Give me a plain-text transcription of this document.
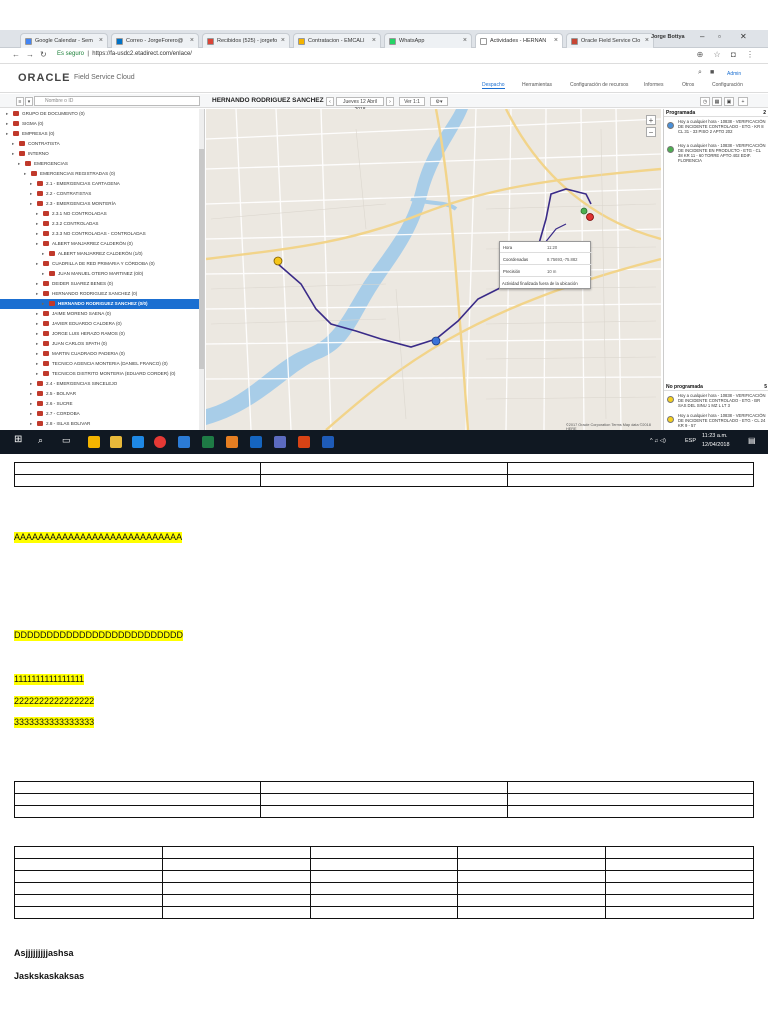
Google Calendar - Sem ×	Correo - JorgeForero@ ×	Recibidos (525) - jorgefo ×	Contratacion - EMCALI ×	WhatsApp	×	Actividades - HERNAN ×	Oracle Field Service Clo × Jorge Bottya – ▫ ✕
← → ↻ Es seguro  |  https://fa-usdc2.etadirect.com/enlace/	⊕ ☆ ◘ ⋮
ORACLE Field Service Cloud
⌕ ■	Admin
Despacho	Herramientas	Configuración de recursos	Informes	Otros	Configuración
≡	▾	Nombre o ID	HERNANDO RODRIGUEZ SANCHEZ	‹	Jueves 12 Abril	›	Ver 1:1	⚙▾	◷	▦	▣	+
▸	GRUPO DE DOCUMENTO (0)
▸	SIGMA (0)
▸	EMPRESAS (0)
▸	CONTRATISTA
▸	INTERNO
▸	EMERGENCIAS
▸	EMERGENCIAS REGISTRADAS (0)
▸	2.1 - EMERGENCIAS CARTAGENA
▸	2.2 - CONTRATISTAS
▸	2.3 - EMERGENCIAS MONTERÍA
▸	2.3.1 NO CONTROLADAS
▸	2.3.2 CONTROLADAS
▸	2.3.3 NO CONTROLADAS - CONTROLADAS
▸	ALBERT MANJARREZ CALDERÓN (0)
▸	ALBERT MANJARREZ CALDERÓN (1/0)
▸	CUADRILLA DE RED PRIMARIA Y CÓRDOBA (0)
▸	JUAN MANUEL OTERO MARTINEZ (0/0)
▸	DEIDER SUAREZ BENES (0)
▸	HERNANDO RODRIGUEZ SANCHEZ (0)
▸	HERNANDO RODRIGUEZ SANCHEZ (0/0)
▸	JAIME MORENO SAENA (0)
▸	JAVIER EDUARDO CALDERA (0)
▸	JORGE LUIS HERAZO RAMOS (0)
▸	JUAN CARLOS SPATH (0)
▸	MARTIN CUADRADO PADERIA (0)
▸	TECNICO AGENCIA MONTERIA (DANIEL FRANCO) (0)
▸	TECNICOS DISTRITO MONTERIA (EDUARD CORDER) (0)
▸	2.4 - EMERGENCIAS SINCELEJO
▸	2.5 - BOLIVAR
▸	2.6 - SUCRE
▸	2.7 - CORDOBA
▸	2.8 - ISLAS BOLIVAR
Hora	11:20
Coordenadas	8.75693,-75.882
Precisión	10 m
Actividad finalizada fuera de la ubicación
+
−
©2017 Oracle Corporation Terms Map data ©2018 HERE
Programada	2
Hoy a cualquier hora - 10838 - VERIFICACIÓN DE INCIDENTE CONTROLADO - ETG - KR 8 CL 31 - 33 PISO 2 APTO 202
Hoy a cualquier hora - 10838 - VERIFICACIÓN DE INCIDENTE EN PRODUCTO - ETG - CL 38 KR 11 - 60 TORRE APTO 402 EDIF. FLORENCIA
No programada	5
Hoy a cualquier hora - 10838 - VERIFICACIÓN DE INCIDENTE CONTROLADO - ETG - BR SAS DEL SINU 1 MZ L LT 3
Hoy a cualquier hora - 10838 - VERIFICACIÓN DE INCIDENTE CONTROLADO - ETG - CL 24 KR 9 - 57
⊞ ⌕ ▭	^ ♫ ◁)	ESP
11:23 a.m.
12/04/2018 ▤

AAAAAAAAAAAAAAAAAAAAAAAAAAAA
DDDDDDDDDDDDDDDDDDDDDDDDDD
1111111111111111
2222222222222222
3333333333333333

Asjjjjjjjjjashsa
Jaskskaskaksas
